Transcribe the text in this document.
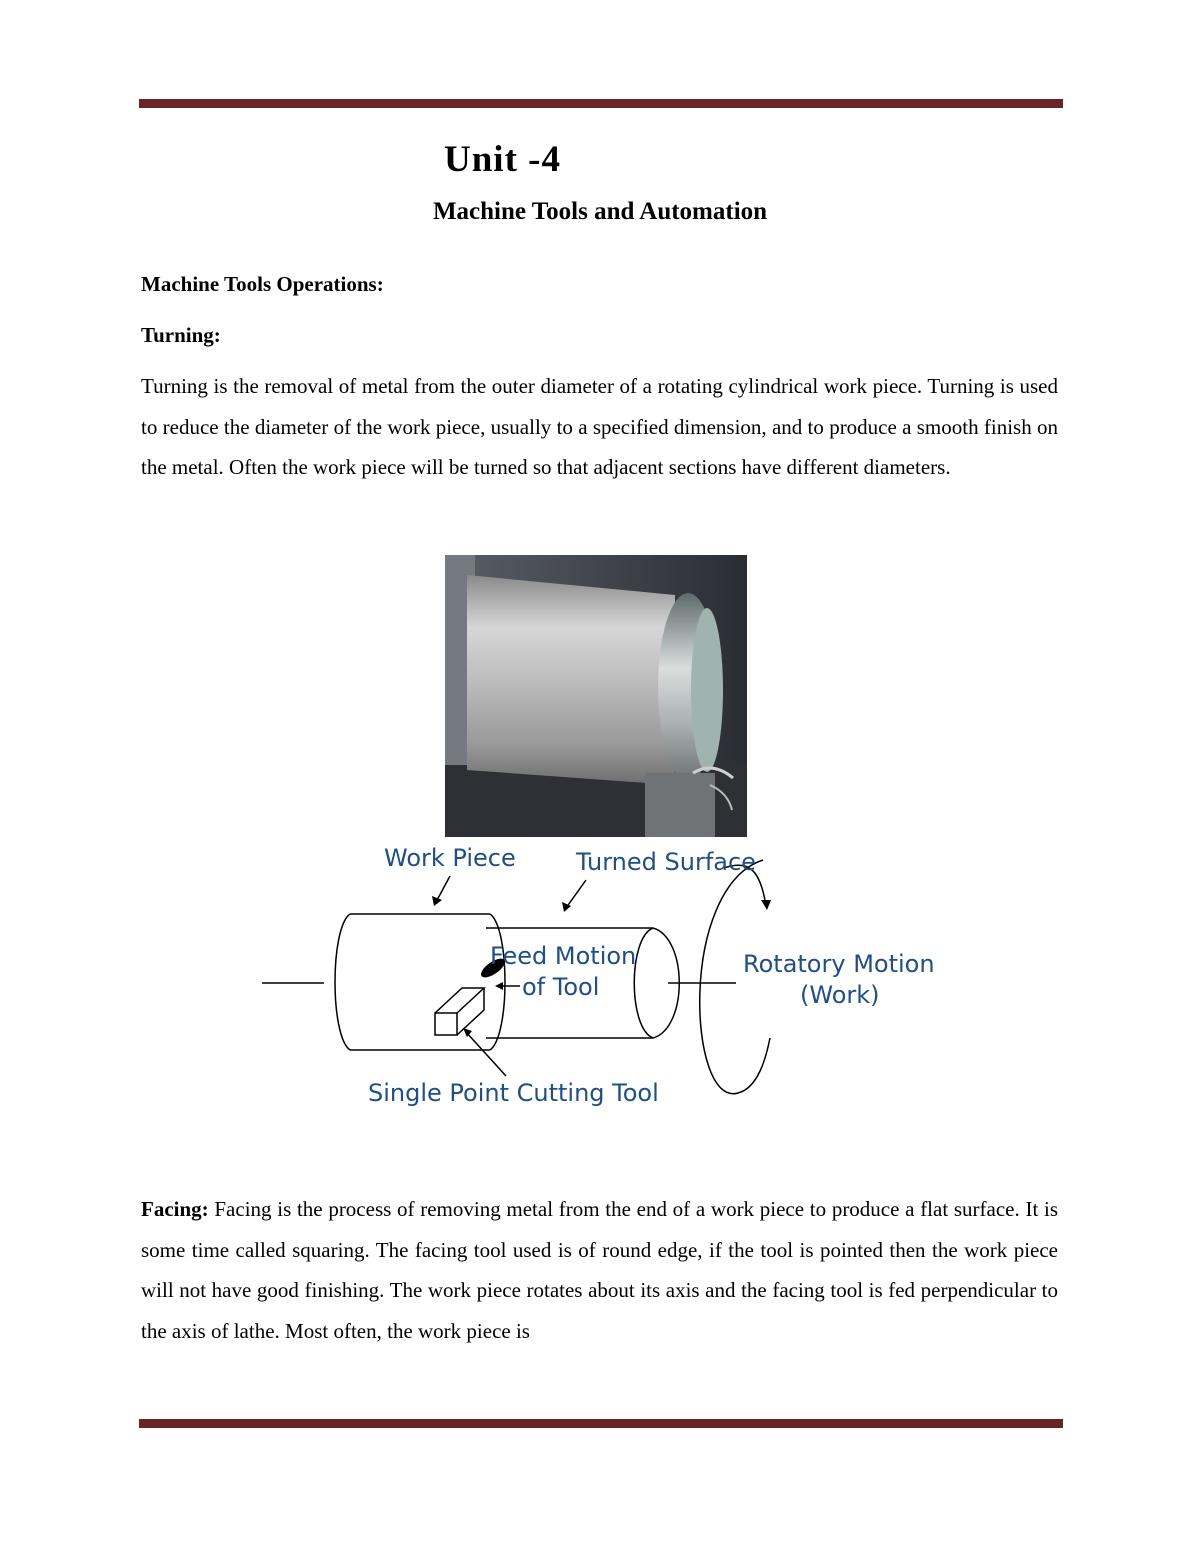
Unit -4
Machine Tools and Automation
Machine Tools Operations:
Turning:

Turning is the removal of metal from the outer diameter of a rotating cylindrical work piece. Turning is used to reduce the diameter of the work piece, usually to a specified dimension, and to produce a smooth finish on the metal. Often the work piece will be turned so that adjacent sections have different diameters.

Work Piece	Turned Surface
Feed Motion
of Tool
Rotatory Motion
(Work)
Single Point Cutting Tool

Facing: Facing is the process of removing metal from the end of a work piece to produce a flat surface. It is some time called squaring. The facing tool used is of round edge, if the tool is pointed then the work piece will not have good finishing. The work piece rotates about its axis and the facing tool is fed perpendicular to the axis of lathe. Most often, the work piece is
